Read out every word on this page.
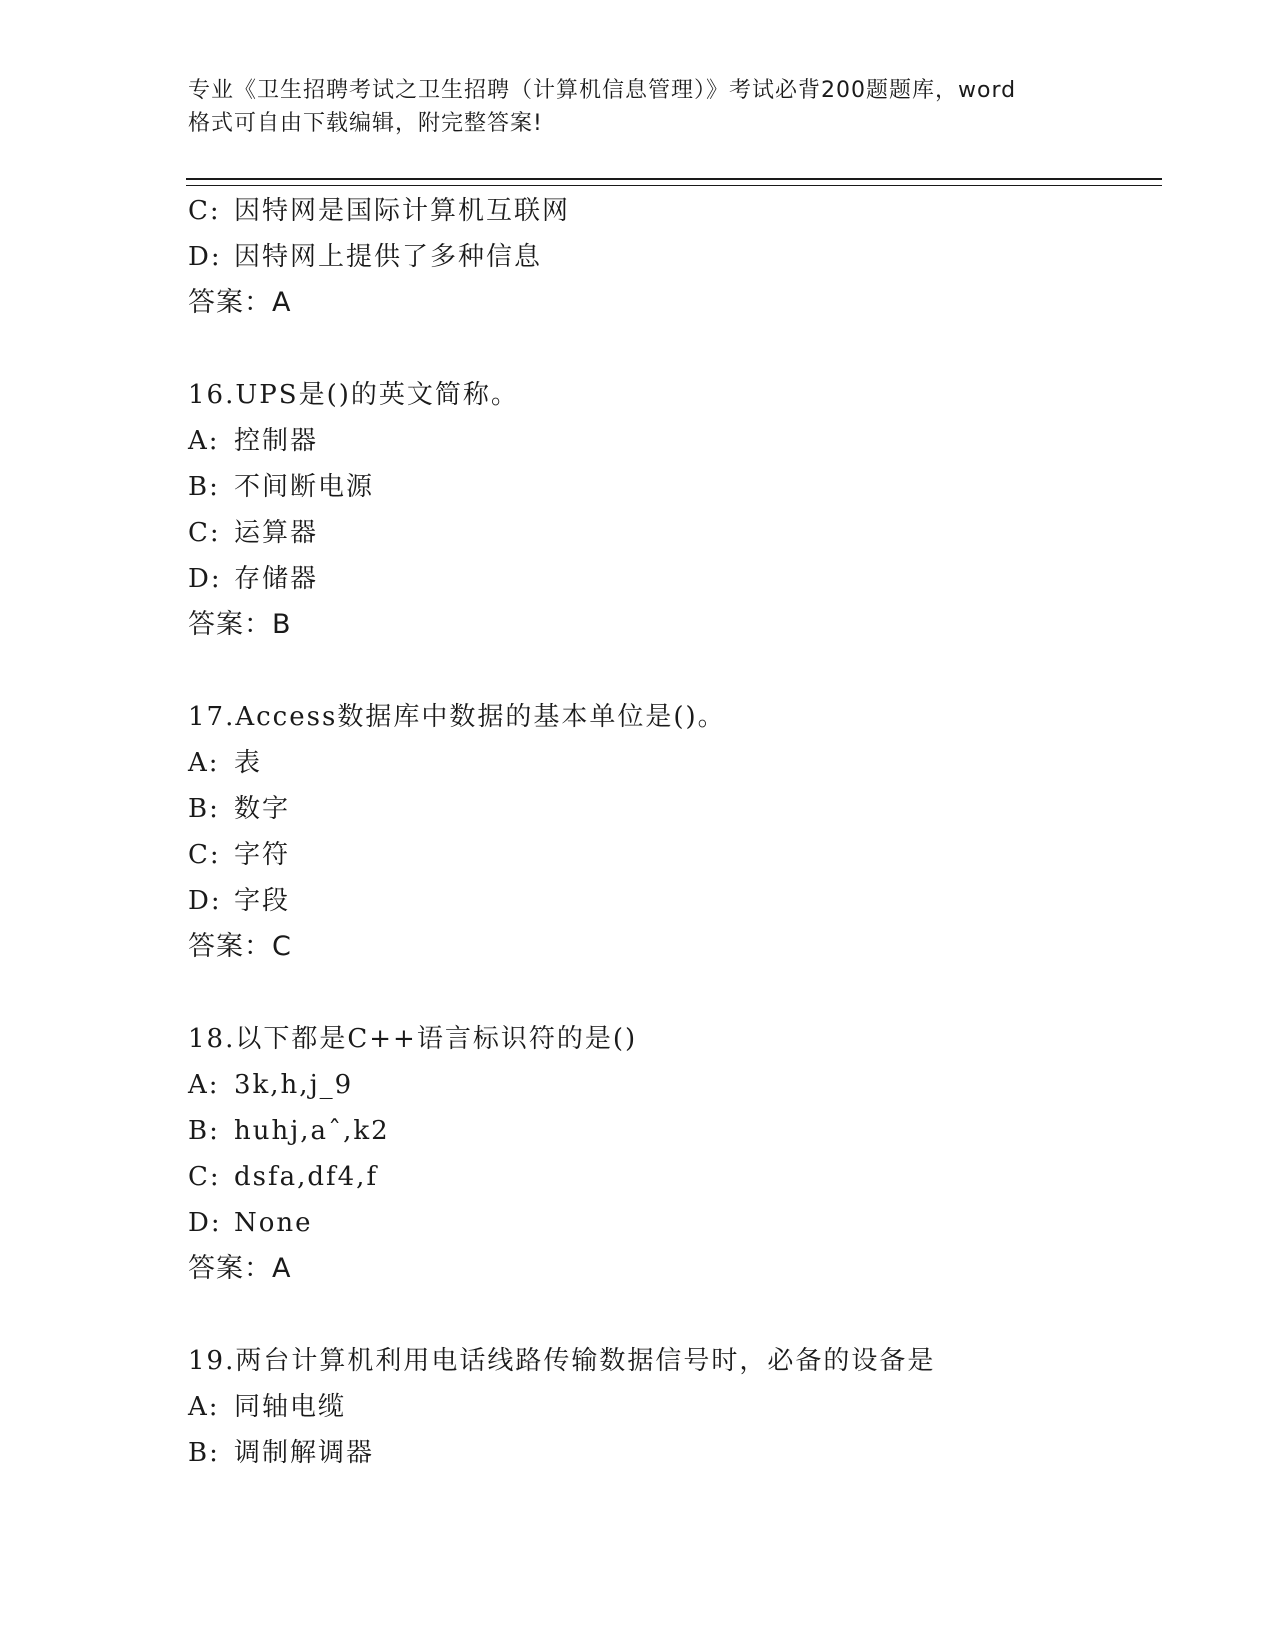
专业《卫生招聘考试之卫生招聘（计算机信息管理）》考试必背200题题库，word
格式可自由下载编辑，附完整答案!
C: 因特网是国际计算机互联网
D: 因特网上提供了多种信息
答案：A
16.UPS是()的英文简称。
A: 控制器
B: 不间断电源
C: 运算器
D: 存储器
答案：B
17.Access数据库中数据的基本单位是()。
A: 表
B: 数字
C: 字符
D: 字段
答案：C
18.以下都是C++语言标识符的是()
A: 3k,h,j_9
B: huhj,aˆ,k2
C: dsfa,df4,f
D: None
答案：A
19.两台计算机利用电话线路传输数据信号时，必备的设备是
A: 同轴电缆
B: 调制解调器
